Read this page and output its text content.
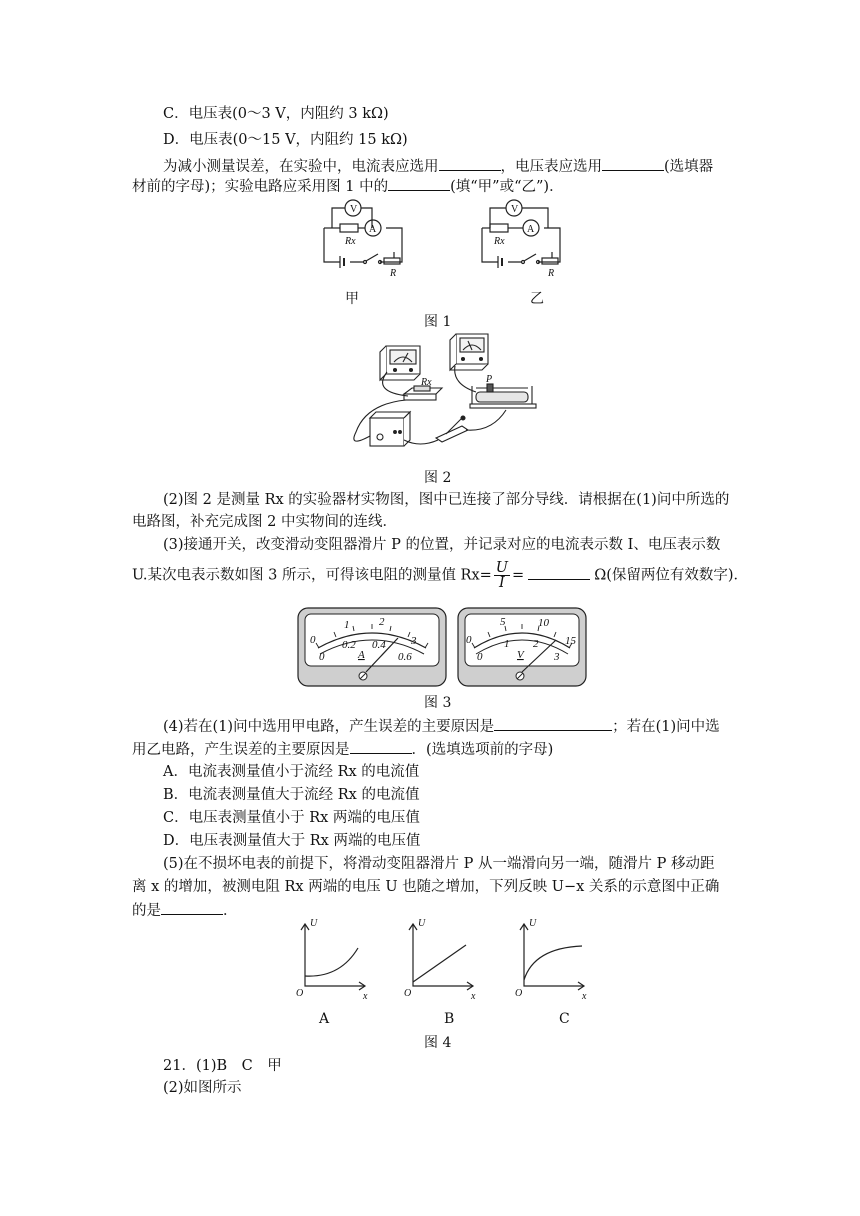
C．电压表(0～3 V，内阻约 3 kΩ)
D．电压表(0～15 V，内阻约 15 kΩ)
为减小测量误差，在实验中，电流表应选用	，电压表应选用	(选填器
材前的字母)；实验电路应采用图 1 中的	(填“甲”或“乙”)．
V
A
Rx
R
V
A
Rx
R
甲	乙
图 1
Rx	P
图 2
(2)图 2 是测量 Rx 的实验器材实物图，图中已连接了部分导线．请根据在(1)问中所选的
电路图，补充完成图 2 中实物间的连线．
(3)接通开关，改变滑动变阻器滑片 P 的位置，并记录对应的电流表示数 I、电压表示数
U.某次电表示数如图 3 所示，可得该电阻的测量值 $Rx= \frac{U}{I}$ =	Ω(保留两位有效数字)．
0
1	2
3
0
0.2 0.4
0.6
A
0
5	10
15
0
1 2
3
V
图 3
(4)若在(1)问中选用甲电路，产生误差的主要原因是	；若在(1)问中选
用乙电路，产生误差的主要原因是	．(选填选项前的字母)
A．电流表测量值小于流经 Rx 的电流值
B．电流表测量值大于流经 Rx 的电流值
C．电压表测量值小于 Rx 两端的电压值
D．电压表测量值大于 Rx 两端的电压值
(5)在不损坏电表的前提下，将滑动变阻器滑片 P 从一端滑向另一端，随滑片 P 移动距
离 x 的增加，被测电阻 Rx 两端的电压 U 也随之增加，下列反映 U−x 关系的示意图中正确
的是	．
U
O	x
U
O	x
U
O	x
A	B	C
图 4
21．(1)B　C　甲
(2)如图所示
